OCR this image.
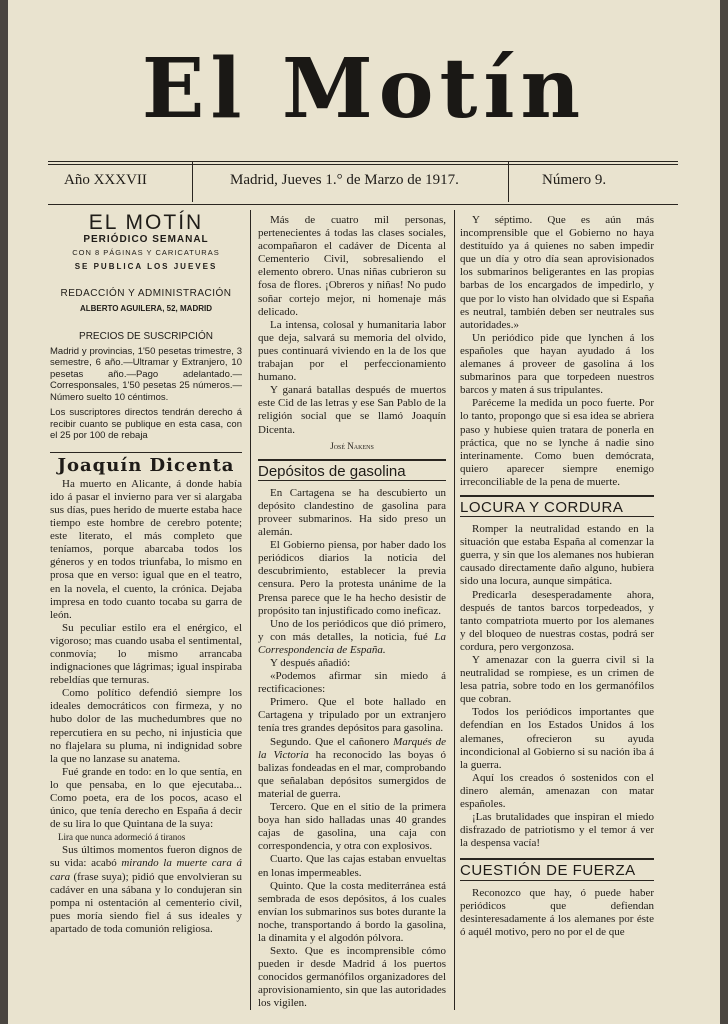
El Motín
Año XXXVII	Madrid, Jueves 1.° de Marzo de 1917.	Número 9.
EL MOTÍN
PERIÓDICO SEMANAL
CON 8 PÁGINAS Y CARICATURAS
SE PUBLICA LOS JUEVES
REDACCIÓN Y ADMINISTRACIÓN
ALBERTO AGUILERA, 52, MADRID
PRECIOS DE SUSCRIPCIÓN
Madrid y provincias, 1'50 pesetas trimestre, 3 semestre, 6 año.—Ultramar y Extranjero, 10 pesetas año.—Pago adelantado.—Corresponsales, 1'50 pesetas 25 números.—Número suelto 10 céntimos.
Los suscriptores directos tendrán derecho á recibir cuanto se publique en esta casa, con el 25 por 100 de rebaja
Joaquín Dicenta

Ha muerto en Alicante, á donde había ido á pasar el invierno para ver si alargaba sus días, pues herido de muerte estaba hace tiempo este hombre de cerebro potente; este literato, el más completo que teníamos, porque abarcaba todos los géneros y en todos triunfaba, lo mismo en prosa que en verso: igual que en el teatro, en la novela, el cuento, la crónica. Dejaba impresa en todo cuanto tocaba su garra de león.

Su peculiar estilo era el enérgico, el vigoroso; mas cuando usaba el sentimental, conmovía; lo mismo arrancaba indignaciones que lágrimas; igual inspiraba rebeldías que ternuras.

Como político defendió siempre los ideales democráticos con firmeza, y no hubo dolor de las muchedumbres que no repercutiera en su pecho, ni injusticia que no flajelara su pluma, ni indignidad sobre la que no lanzase su anatema.

Fué grande en todo: en lo que sentía, en lo que pensaba, en lo que ejecutaba... Como poeta, era de los pocos, acaso el único, que tenía derecho en España á decir de su lira lo que Quintana de la suya:

Lira que nunca adormeció á tiranos

Sus últimos momentos fueron dignos de su vida: acabó mirando la muerte cara á cara (frase suya); pidió que envolvieran su cadáver en una sábana y lo condujeran sin pompa ni ostentación al cementerio civil, pues moría siendo fiel á sus ideales y apartado de toda comunión religiosa.

Más de cuatro mil personas, pertenecientes á todas las clases sociales, acompañaron el cadáver de Dicenta al Cementerio Civil, sobresaliendo el elemento obrero. Unas niñas cubrieron su fosa de flores. ¡Obreros y niñas! No pudo soñar cortejo mejor, ni homenaje más delicado.

La intensa, colosal y humanitaria labor que deja, salvará su memoria del olvido, pues continuará viviendo en la de los que trabajan por el perfeccionamiento humano.

Y ganará batallas después de muertos este Cid de las letras y ese San Pablo de la religión social que se llamó Joaquín Dicenta.

José Nakens
Depósitos de gasolina

En Cartagena se ha descubierto un depósito clandestino de gasolina para proveer submarinos. Ha sido preso un alemán.

El Gobierno piensa, por haber dado los periódicos diarios la noticia del descubrimiento, establecer la previa censura. Pero la protesta unánime de la Prensa parece que le ha hecho desistir de propósito tan injustificado como ineficaz.

Uno de los periódicos que dió primero, y con más detalles, la noticia, fué La Correspondencia de España.

Y después añadió:

«Podemos afirmar sin miedo á rectificaciones:

Primero. Que el bote hallado en Cartagena y tripulado por un extranjero tenía tres grandes depósitos para gasolina.

Segundo. Que el cañonero Marqués de la Victoria ha reconocido las boyas ó balizas fondeadas en el mar, comprobando que señalaban depósitos sumergidos de material de guerra.

Tercero. Que en el sitio de la primera boya han sido halladas unas 40 grandes cajas de gasolina, una caja con correspondencia, y otra con explosivos.

Cuarto. Que las cajas estaban envueltas en lonas impermeables.

Quinto. Que la costa mediterránea está sembrada de esos depósitos, á los cuales envían los submarinos sus botes durante la noche, transportando á bordo la gasolina, la dinamita y el algodón pólvora.

Sexto. Que es incomprensible cómo pueden ir desde Madrid á los puertos conocidos germanófilos organizadores del aprovisionamiento, sin que las autoridades los vigilen.

Y séptimo. Que es aún más incomprensible que el Gobierno no haya destituído ya á quienes no saben impedir que un día y otro día sean aprovisionados los submarinos beligerantes en las propias barbas de los encargados de impedirlo, y que por lo visto han olvidado que si España es neutral, también deben ser neutrales sus autoridades.»

Un periódico pide que lynchen á los españoles que hayan ayudado á los alemanes á proveer de gasolina á los submarinos para que torpedeen nuestros barcos y maten á sus tripulantes.

Paréceme la medida un poco fuerte. Por lo tanto, propongo que si esa idea se abriera paso y hubiese quien tratara de ponerla en práctica, que no se lynche á nadie sino interinamente. Como buen demócrata, quiero aparecer siempre enemigo irreconciliable de la pena de muerte.

LOCURA Y CORDURA

Romper la neutralidad estando en la situación que estaba España al comenzar la guerra, y sin que los alemanes nos hubieran causado directamente daño alguno, hubiera sido una locura, aunque simpática.

Predicarla desesperadamente ahora, después de tantos barcos torpedeados, y tanto compatriota muerto por los alemanes y del bloqueo de nuestras costas, podrá ser cordura, pero vergonzosa.

Y amenazar con la guerra civil si la neutralidad se rompiese, es un crimen de lesa patria, sobre todo en los germanófilos que cobran.

Todos los periódicos importantes que defendían en los Estados Unidos á los alemanes, ofrecieron su ayuda incondicional al Gobierno si su nación iba á la guerra.

Aquí los creados ó sostenidos con el dinero alemán, amenazan con matar españoles.

¡Las brutalidades que inspiran el miedo disfrazado de patriotismo y el temor á ver la despensa vacía!

CUESTIÓN DE FUERZA

Reconozco que hay, ó puede haber periódicos que defiendan desinteresadamente á los alemanes por éste ó aquél motivo, pero no por el de que
